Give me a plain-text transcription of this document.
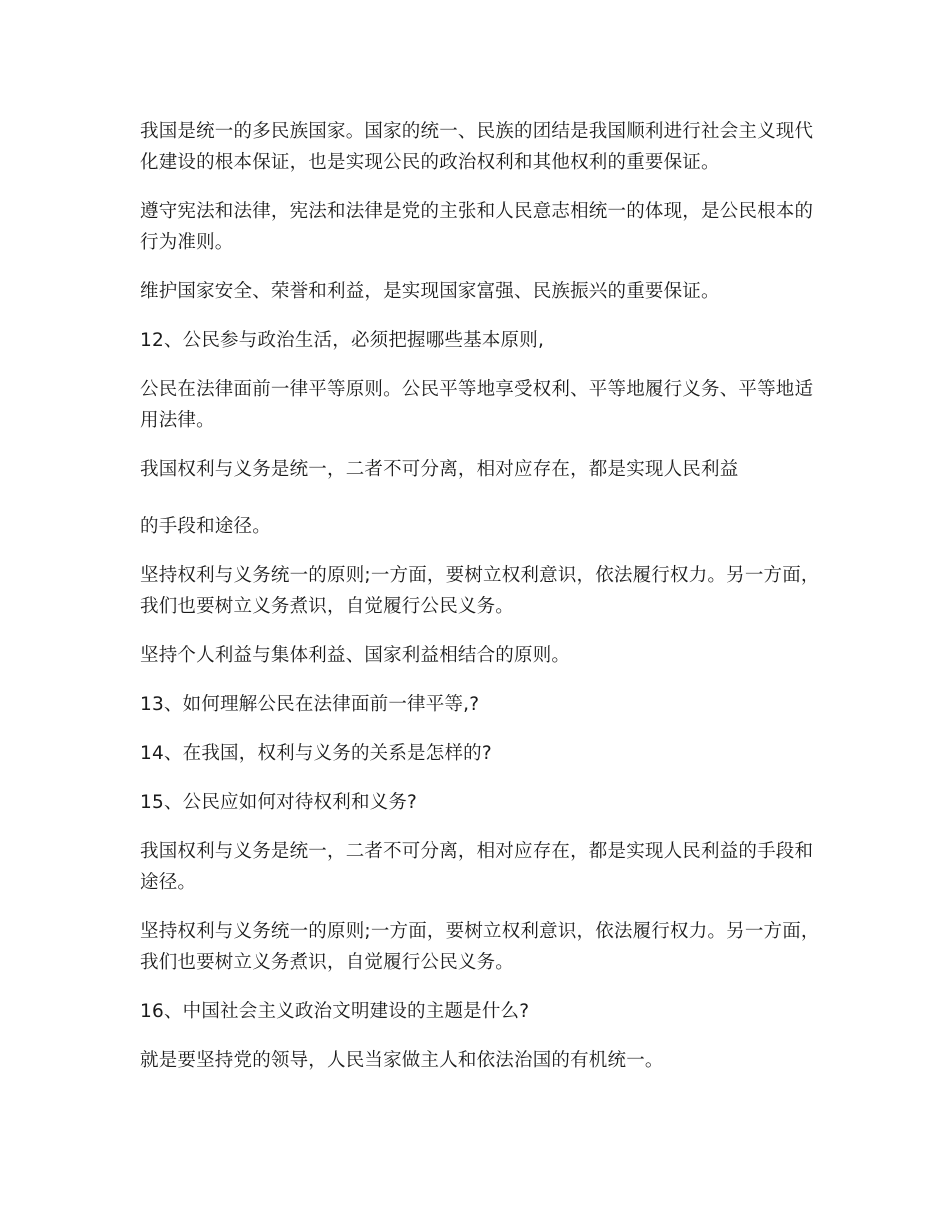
我国是统一的多民族国家。国家的统一、民族的团结是我国顺利进行社会主义现代化建设的根本保证，也是实现公民的政治权利和其他权利的重要保证。

遵守宪法和法律，宪法和法律是党的主张和人民意志相统一的体现，是公民根本的行为准则。

维护国家安全、荣誉和利益，是实现国家富强、民族振兴的重要保证。

12、公民参与政治生活，必须把握哪些基本原则,

公民在法律面前一律平等原则。公民平等地享受权利、平等地履行义务、平等地适用法律。

我国权利与义务是统一，二者不可分离，相对应存在，都是实现人民利益

的手段和途径。

坚持权利与义务统一的原则;一方面，要树立权利意识，依法履行权力。另一方面，我们也要树立义务煮识，自觉履行公民义务。

坚持个人利益与集体利益、国家利益相结合的原则。

13、如何理解公民在法律面前一律平等,?

14、在我国，权利与义务的关系是怎样的?

15、公民应如何对待权利和义务?

我国权利与义务是统一，二者不可分离，相对应存在，都是实现人民利益的手段和途径。

坚持权利与义务统一的原则;一方面，要树立权利意识，依法履行权力。另一方面，我们也要树立义务煮识，自觉履行公民义务。

16、中国社会主义政治文明建设的主题是什么?

就是要坚持党的领导，人民当家做主人和依法治国的有机统一。
